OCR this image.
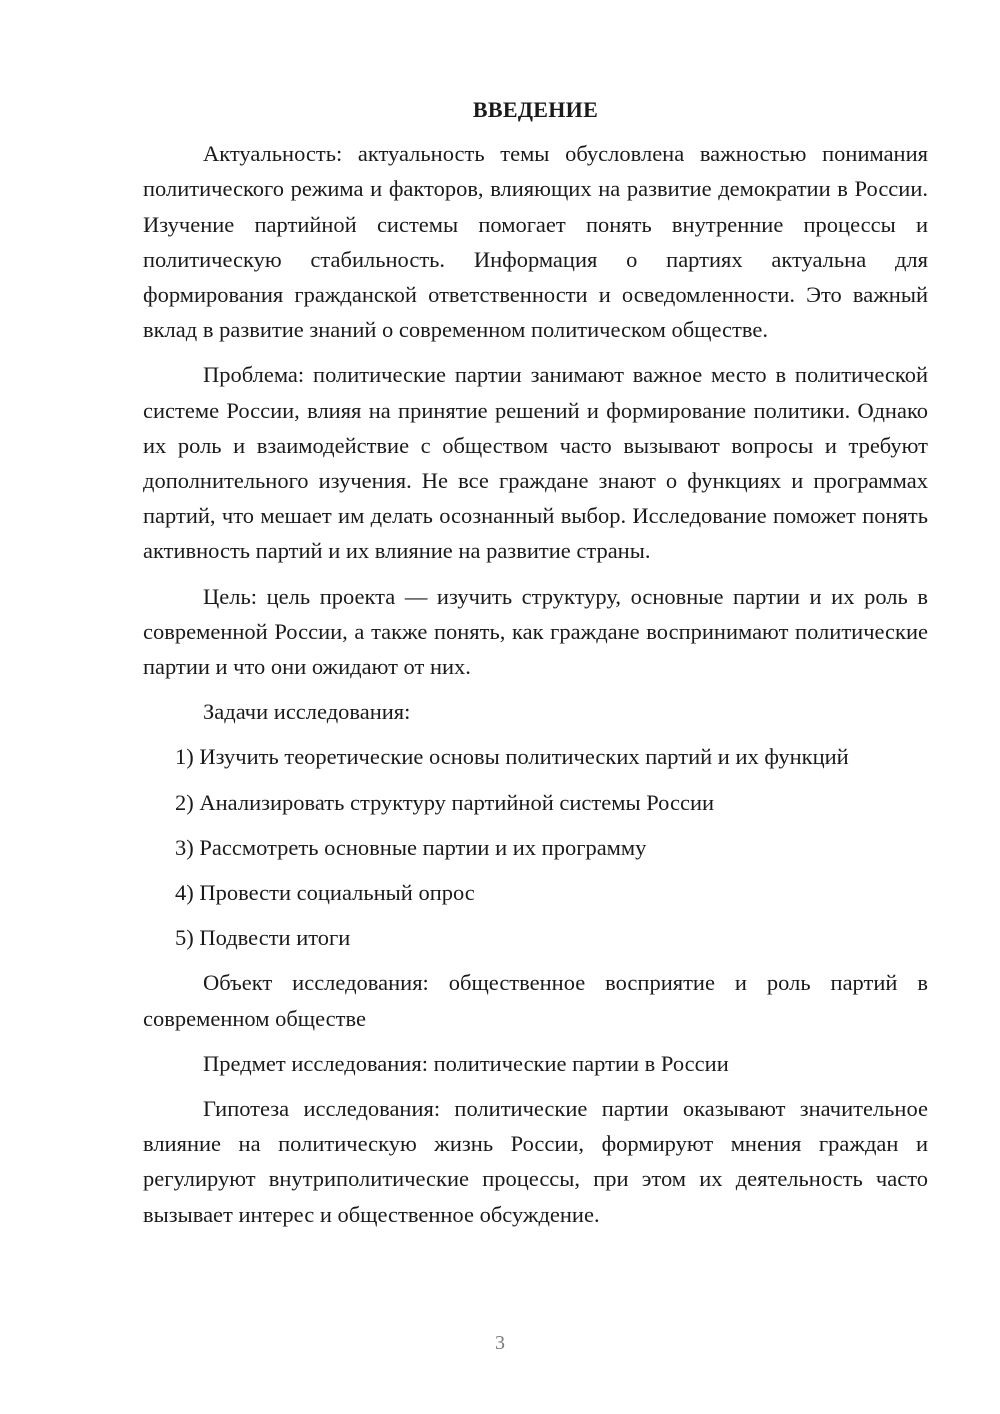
ВВЕДЕНИЕ

Актуальность: актуальность темы обусловлена важностью понимания политического режима и факторов, влияющих на развитие демократии в России. Изучение партийной системы помогает понять внутренние процессы и политическую стабильность. Информация о партиях актуальна для формирования гражданской ответственности и осведомленности. Это важный вклад в развитие знаний о современном политическом обществе.

Проблема: политические партии занимают важное место в политической системе России, влияя на принятие решений и формирование политики. Однако их роль и взаимодействие с обществом часто вызывают вопросы и требуют дополнительного изучения. Не все граждане знают о функциях и программах партий, что мешает им делать осознанный выбор. Исследование поможет понять активность партий и их влияние на развитие страны.

Цель: цель проекта — изучить структуру, основные партии и их роль в современной России, а также понять, как граждане воспринимают политические партии и что они ожидают от них.

Задачи исследования:

1) Изучить теоретические основы политических партий и их функций
2) Анализировать структуру партийной системы России
3) Рассмотреть основные партии и их программу
4) Провести социальный опрос
5) Подвести итоги

Объект исследования: общественное восприятие и роль партий в современном обществе

Предмет исследования: политические партии в России

Гипотеза исследования: политические партии оказывают значительное влияние на политическую жизнь России, формируют мнения граждан и регулируют внутриполитические процессы, при этом их деятельность часто вызывает интерес и общественное обсуждение.

3
